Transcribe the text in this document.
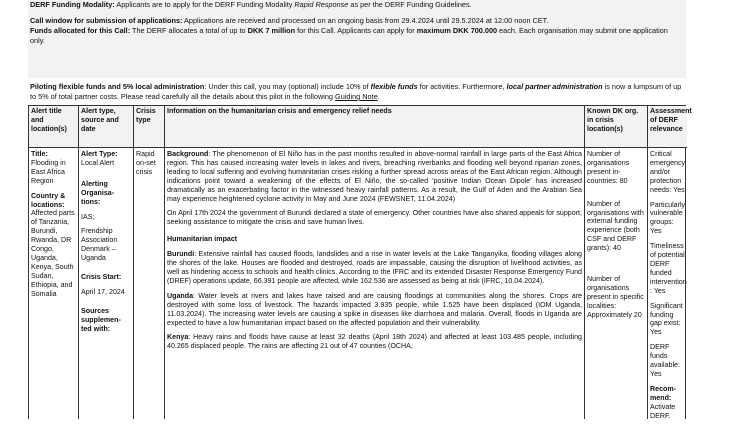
DERF Funding Modality: Applicants are to apply for the DERF Funding Modality Rapid Response as per the DERF Funding Guidelines.

Call window for submission of applications: Applications are received and processed on an ongoing basis from 29.4.2024 until 29.5.2024 at 12:00 noon CET.

Funds allocated for this Call: The DERF allocates a total of up to DKK 7 million for this Call. Applicants can apply for maximum DKK 700.000 each. Each organisation may submit one application only.

Piloting flexible funds and 5% local administration: Under this call, you may (optional) include 10% of flexible funds for activities. Furthermore, local partner administration is now a lumpsum of up to 5% of total partner costs. Please read carefully all the details about this pilot in the following Guiding Note.

Alert title and location(s)

Title:
Flooding in East Africa Region

Country & locations:
Affected parts of Tanzania, Burundi, Rwanda, DR Congo, Uganda, Kenya, South Sudan, Ethiopia, and Somalia

Alert type, source and date

Alert Type:
Local Alert

Alerting Organisa-tions:

IAS;

Frendship Association Denmark – Uganda

Crisis Start:

April 17, 2024

Sources supplemen-ted with:

Crisis type

Rapid on-set crisis

Information on the humanitarian crisis and emergency relief needs

Background: The phenomenon of El Niño has in the past months resulted in above-normal rainfall in large parts of the East Africa region. This has caused increasing water levels in lakes and rivers, breaching riverbanks and flooding well beyond riparian zones, leading to local suffering and evolving humanitarian crises risking a further spread across areas of the East African region. Although indications point toward a weakening of the effects of El Niño, the so-called 'positive Indian Ocean Dipole' has increased dramatically as an exacerbating factor in the witnessed heavy rainfall patterns. As a result, the Gulf of Aden and the Arabian Sea may experience heightened cyclone activity in May and June 2024 (FEWSNET, 11.04.2024)

On April 17th 2024 the government of Burundi declared a state of emergency. Other countries have also shared appeals for support, seeking assistance to mitigate the crisis and save human lives.

Humanitarian impact

Burundi: Extensive rainfall has caused floods, landslides and a rise in water levels at the Lake Tanganyika, flooding villages along the shores of the lake. Houses are flooded and destroyed, roads are impassable, causing the disruption of livelihood activities, as well as hindering access to schools and health clinics. According to the IFRC and its extended Disaster Response Emergency Fund (DREF) operations update, 66.391 people are affected, while 162.536 are assessed as being at risk (IFRC, 10.04.2024).

Uganda: Water levels at rivers and lakes have raised and are causing floodings at communities along the shores. Crops are destroyed with some loss of livestock. The hazards impacted 3.935 people, while 1.525 have been displaced (IOM Uganda, 11.03.2024). The increasing water levels are causing a spike in diseases like diarrhoea and malaria. Overall, floods in Uganda are expected to have a low humanitarian impact based on the affected population and their vulnerability.

Kenya: Heavy rains and floods have cause at least 32 deaths (April 18th 2024) and affected at least 103.485 people, including 40.265 displaced people. The rains are affecting 21 out of 47 counties (OCHA,

Known DK org. in crisis location(s)

Number of organisations present in-countries: 80

Number of organisations with external funding experience (both CSF and DERF grants): 40

Number of organisations present in specific localities: Approximately 20

Assessment of DERF relevance

Critical emergency and/or protection needs: Yes

Particularly vulnerable groups: Yes

Timeliness of potential DERF funded intervention : Yes

Significant funding gap exist: Yes

DERF funds available: Yes

Recom-mend:
Activate DERF.
